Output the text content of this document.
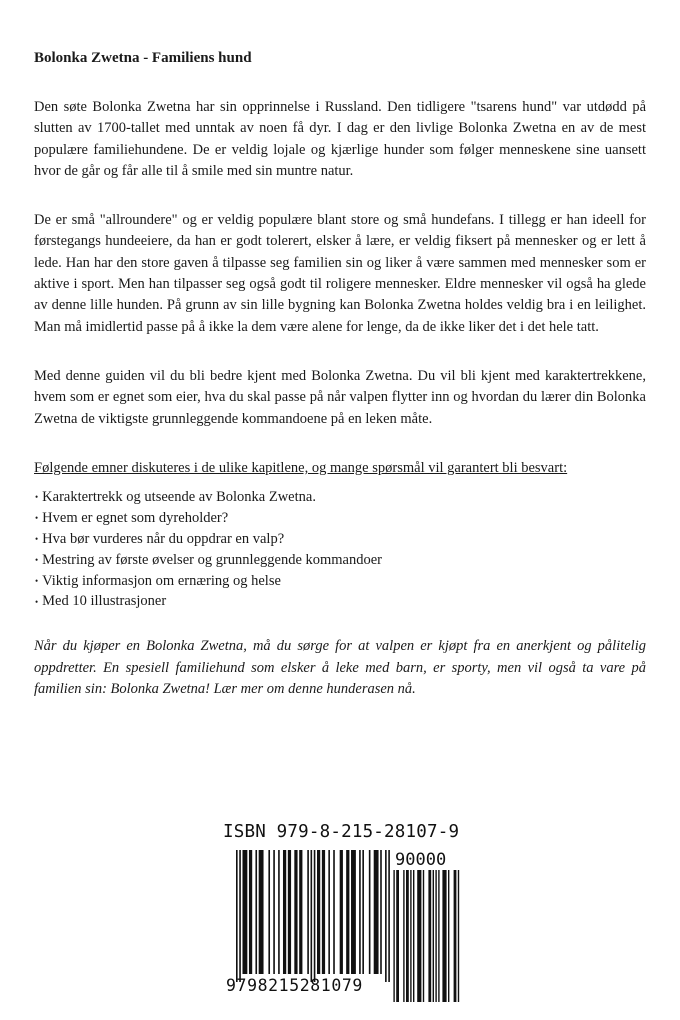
Bolonka Zwetna - Familiens hund

Den søte Bolonka Zwetna har sin opprinnelse i Russland. Den tidligere "tsarens hund" var utdødd på slutten av 1700-tallet med unntak av noen få dyr. I dag er den livlige Bolonka Zwetna en av de mest populære familiehundene. De er veldig lojale og kjærlige hunder som følger menneskene sine uansett hvor de går og får alle til å smile med sin muntre natur.

De er små "allroundere" og er veldig populære blant store og små hundefans. I tillegg er han ideell for førstegangs hundeeiere, da han er godt tolerert, elsker å lære, er veldig fiksert på mennesker og er lett å lede. Han har den store gaven å tilpasse seg familien sin og liker å være sammen med mennesker som er aktive i sport. Men han tilpasser seg også godt til roligere mennesker. Eldre mennesker vil også ha glede av denne lille hunden. På grunn av sin lille bygning kan Bolonka Zwetna holdes veldig bra i en leilighet. Man må imidlertid passe på å ikke la dem være alene for lenge, da de ikke liker det i det hele tatt.

Med denne guiden vil du bli bedre kjent med Bolonka Zwetna. Du vil bli kjent med karaktertrekkene, hvem som er egnet som eier, hva du skal passe på når valpen flytter inn og hvordan du lærer din Bolonka Zwetna de viktigste grunnleggende kommandoene på en leken måte.

Følgende emner diskuteres i de ulike kapitlene, og mange spørsmål vil garantert bli besvart:
• Karaktertrekk og utseende av Bolonka Zwetna.
• Hvem er egnet som dyreholder?
• Hva bør vurderes når du oppdrar en valp?
• Mestring av første øvelser og grunnleggende kommandoer
• Viktig informasjon om ernæring og helse
• Med 10 illustrasjoner

Når du kjøper en Bolonka Zwetna, må du sørge for at valpen er kjøpt fra en anerkjent og pålitelig oppdretter. En spesiell familiehund som elsker å leke med barn, er sporty, men vil også ta vare på familien sin: Bolonka Zwetna! Lær mer om denne hunderasen nå.

ISBN 979-8-215-28107-9
90000
9798215281079
